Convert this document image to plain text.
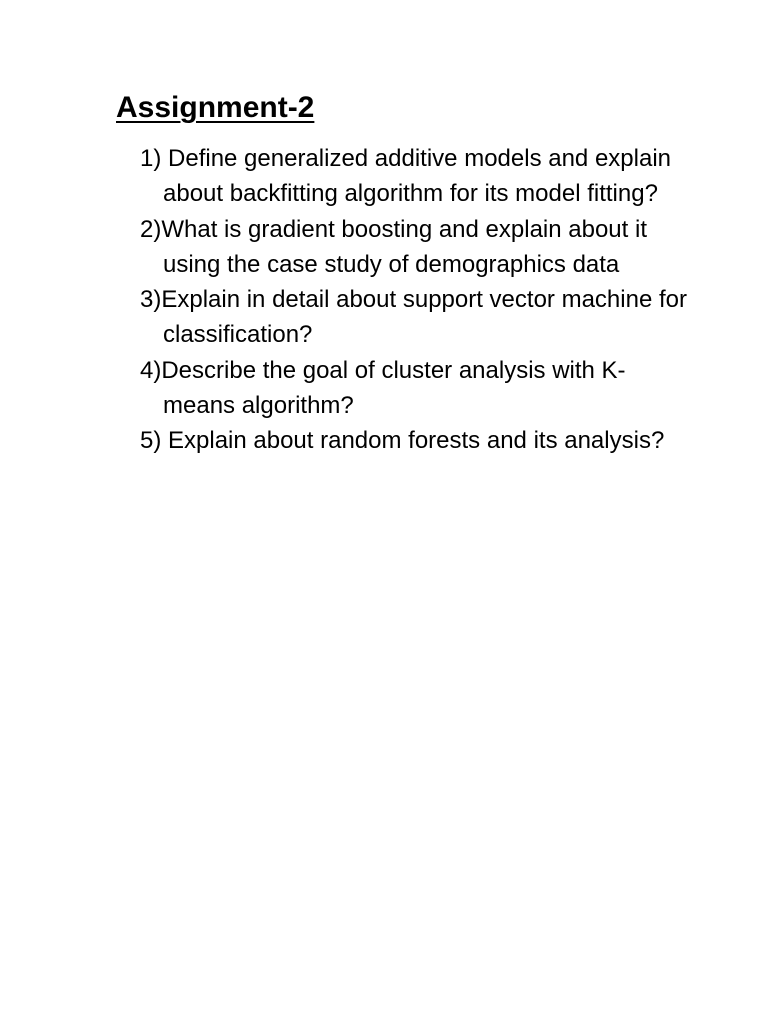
Assignment-2
1) Define generalized additive models and explain about backfitting algorithm for its model fitting?
2)What is gradient boosting and explain about it using the case study of demographics data
3)Explain in detail about support vector machine for classification?
4)Describe the goal of cluster analysis with K-means algorithm?
5) Explain about random forests and its analysis?
